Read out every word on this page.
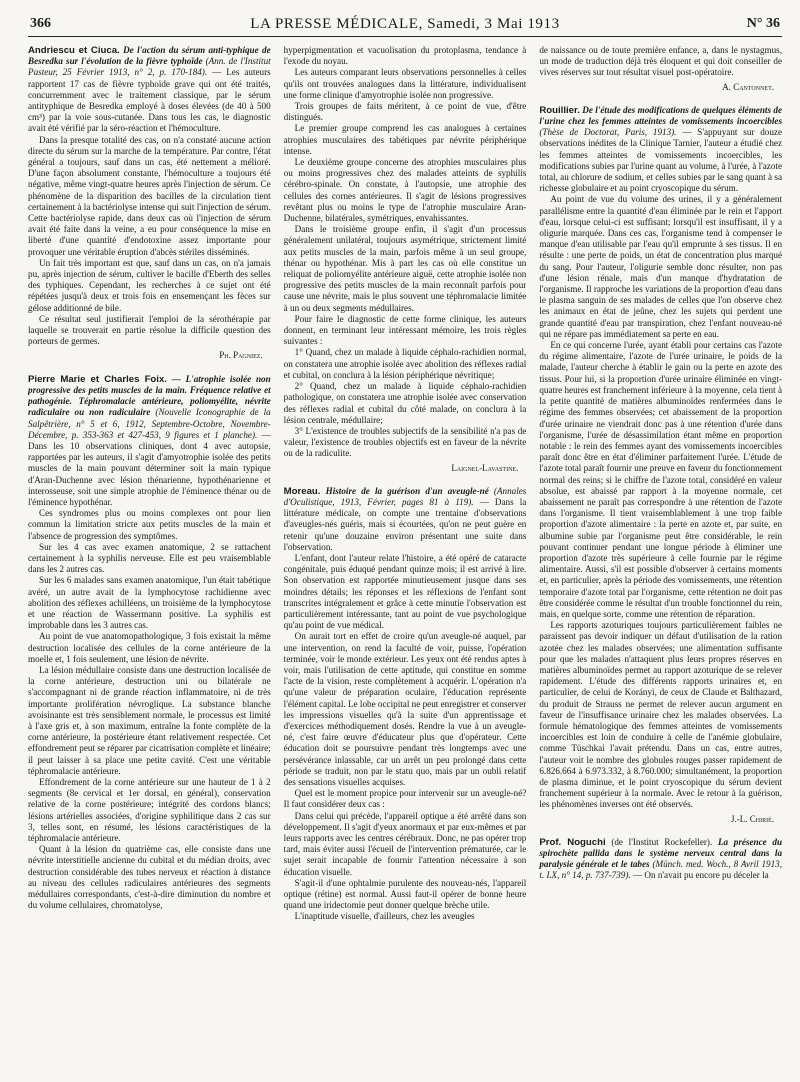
366	LA PRESSE MÉDICALE, Samedi, 3 Mai 1913	N° 36

Andriescu et Ciuca. De l'action du sérum anti-typhique de Besredka sur l'évolution de la fièvre typhoïde (Ann. de l'Institut Pasteur, 25 Février 1913, n° 2, p. 170-184). — Les auteurs rapportent 17 cas de fièvre typhoïde grave qui ont été traités, concurremment avec le traitement classique, par le sérum antityphique de Besredka employé à doses élevées (de 40 à 500 cm³) par la voie sous-cutanée. Dans tous les cas, le diagnostic avait été vérifié par la séro-réaction et l'hémoculture.

Dans la presque totalité des cas, on n'a constaté aucune action directe du sérum sur la marche de la température. Par contre, l'état général a toujours, sauf dans un cas, été nettement a mélioré. D'une façon absolument constante, l'hémoculture a toujours été négative, même vingt-quatre heures après l'injection de sérum. Ce phénomène de la disparition des bacilles de la circulation tient certainement à la bactériolyse intense qui suit l'injection de sérum. Cette bactériolyse rapide, dans deux cas où l'injection de sérum avait été faite dans la veine, a eu pour conséquence la mise en liberté d'une quantité d'endotoxine assez importante pour provoquer une véritable éruption d'abcès stériles disséminés.

Un fait très important est que, sauf dans un cas, on n'a jamais pu, après injection de sérum, cultiver le bacille d'Eberth des selles des typhiques. Cependant, les recherches à ce sujet ont été répétées jusqu'à deux et trois fois en ensemençant les fèces sur gélose additionné de bile.

Ce résultat seul justifierait l'emploi de la sérothérapie par laquelle se trouverait en partie résolue la difficile question des porteurs de germes.

Ph. Pagniez.

Pierre Marie et Charles Foix. — L'atrophie isolée non progressive des petits muscles de la main. Fréquence relative et pathogénie. Téphromalacie antérieure, poliomyélite, névrite radiculaire ou non radiculaire (Nouvelle Iconographie de la Salpêtrière, n° 5 et 6, 1912, Septembre-Octobre, Novembre-Décembre, p. 353-363 et 427-453, 9 figures et 1 planche). — Dans les 10 observations cliniques, dont 4 avec autopsie, rapportées par les auteurs, il s'agit d'amyotrophie isolée des petits muscles de la main pouvant déterminer soit la main typique d'Aran-Duchenne avec lésion thénarienne, hypothénarienne et interosseuse, soit une simple atrophie de l'éminence thénar ou de l'éminence hypothénar.

Ces syndromes plus ou moins complexes ont pour lien commun la limitation stricte aux petits muscles de la main et l'absence de progression des symptômes.

Sur les 4 cas avec examen anatomique, 2 se rattachent certainement à la syphilis nerveuse. Elle est peu vraisemblable dans les 2 autres cas.

Sur les 6 malades sans examen anatomique, l'un était tabétique avéré, un autre avait de la lymphocytose rachidienne avec abolition des réflexes achilléens, un troisième de la lymphocytose et une réaction de Wassermann positive. La syphilis est improbable dans les 3 autres cas.

Au point de vue anatomopathologique, 3 fois existait la même destruction localisée des cellules de la corne antérieure de la moelle et, 1 fois seulement, une lésion de névrite.

La lésion médullaire consiste dans une destruction localisée de la corne antérieure, destruction uni ou bilatérale ne s'accompagnant ni de grande réaction inflammatoire, ni de très importante prolifération névroglique. La substance blanche avoisinante est très sensiblement normale, le processus est limité à l'axe gris et, à son maximum, entraîne la fonte complète de la corne antérieure, la postérieure étant relativement respectée. Cet effondrement peut se réparer par cicatrisation complète et linéaire; il peut laisser à sa place une petite cavité. C'est une véritable téphromalacie antérieure.

Effondrement de la corne antérieure sur une hauteur de 1 à 2 segments (8e cervical et 1er dorsal, en général), conservation relative de la corne postérieure; intégrité des cordons blancs; lésions artérielles associées, d'origine syphilitique dans 2 cas sur 3, telles sont, en résumé, les lésions caractéristiques de la téphromalacie antérieure.

Quant à la lésion du quatrième cas, elle consiste dans une névrite interstitielle ancienne du cubital et du médian droits, avec destruction considérable des tubes nerveux et réaction à distance au niveau des cellules radiculaires antérieures des segments médullaires correspondants, c'est-à-dire diminution du nombre et du volume cellulaires, chromatolyse,

hyperpigmentation et vacuolisation du protoplasma, tendance à l'exode du noyau.

Les auteurs comparant leurs observations personnelles à celles qu'ils ont trouvées analogues dans la littérature, individualisent une forme clinique d'amyotrophie isolée non progressive.

Trois groupes de faits méritent, à ce point de vue, d'être distingués.

Le premier groupe comprend les cas analogues à certaines atrophies musculaires des tabétiques par névrite périphérique intense.

Le deuxième groupe concerne des atrophies musculaires plus ou moins progressives chez des malades atteints de syphilis cérébro-spinale. On constate, à l'autopsie, une atrophie des cellules des cornes antérieures. Il s'agit de lésions progressives revêtant plus ou moins le type de l'atrophie musculaire Aran-Duchenne, bilatérales, symétriques, envahissantes.

Dans le troisième groupe enfin, il s'agit d'un processus généralement unilatéral, toujours asymétrique, strictement limité aux petits muscles de la main, parfois même à un seul groupe, thénar ou hypothénar. Mis à part les cas où elle constitue un reliquat de poliomyélite antérieure aiguë, cette atrophie isolée non progressive des petits muscles de la main reconnaît parfois pour cause une névrite, mais le plus souvent une téphromalacie limitée à un ou deux segments médullaires.

Pour faire le diagnostic de cette forme clinique, les auteurs donnent, en terminant leur intéressant mémoire, les trois règles suivantes :

1° Quand, chez un malade à liquide céphalo-rachidien normal, on constatera une atrophie isolée avec abolition des réflexes radial et cubital, on conclura à la lésion périphérique névritique;

2° Quand, chez un malade à liquide céphalo-rachidien pathologique, on constatera une atrophie isolée avec conservation des réflexes radial et cubital du côté malade, on conclura à la lésion centrale, médullaire;

3° L'existence de troubles subjectifs de la sensibilité n'a pas de valeur, l'existence de troubles objectifs est en faveur de la névrite ou de la radiculite.

Laignel-Lavastine.

Moreau. Histoire de la guérison d'un aveugle-né (Annales d'Oculistique, 1913, Février, pages 81 à 119). — Dans la littérature médicale, on compte une trentaine d'observations d'aveugles-nés guéris, mais si écourtées, qu'on ne peut guère en retenir qu'une douzaine environ présentant une suite dans l'observation.

L'enfant, dont l'auteur relate l'histoire, a été opéré de cataracte congénitale, puis éduqué pendant quinze mois; il est arrivé à lire. Son observation est rapportée minutieusement jusque dans ses moindres détails; les réponses et les réflexions de l'enfant sont transcrites intégralement et grâce à cette minutie l'observation est particulièrement intéressante, tant au point de vue psychologique qu'au point de vue médical.

On aurait tort en effet de croire qu'un aveugle-né auquel, par une intervention, on rend la faculté de voir, puisse, l'opération terminée, voir le monde extérieur. Les yeux ont été rendus aptes à voir, mais l'utilisation de cette aptitude, qui constitue en somme l'acte de la vision, reste complètement à acquérir. L'opération n'a qu'une valeur de préparation oculaire, l'éducation représente l'élément capital. Le lobe occipital ne peut enregistrer et conserver les impressions visuelles qu'à la suite d'un apprentissage et d'exercices méthodiquement dosés. Rendre la vue à un aveugle-né, c'est faire œuvre d'éducateur plus que d'opérateur. Cette éducation doit se poursuivre pendant très longtemps avec une persévérance inlassable, car un arrêt un peu prolongé dans cette période se traduit, non par le statu quo, mais par un oubli relatif des sensations visuelles acquises.

Quel est le moment propice pour intervenir sur un aveugle-né? Il faut considérer deux cas :

Dans celui qui précède, l'appareil optique a été arrêté dans son développement. Il s'agit d'yeux anormaux et par eux-mêmes et par leurs rapports avec les centres cérébraux. Donc, ne pas opérer trop tard, mais éviter aussi l'écueil de l'intervention prématurée, car le sujet serait incapable de fournir l'attention nécessaire à son éducation visuelle.

S'agit-il d'une ophtalmie purulente des nouveau-nés, l'appareil optique (rétine) est normal. Aussi faut-il opérer de bonne heure quand une iridectomie peut donner quelque brèche utile.

L'inaptitude visuelle, d'ailleurs, chez les aveugles

de naissance ou de toute première enfance, a, dans le nystagmus, un mode de traduction déjà très éloquent et qui doit conseiller de vives réserves sur tout résultat visuel post-opératoire.

A. Cantonnet.

Rouillier. De l'étude des modifications de quelques éléments de l'urine chez les femmes atteintes de vomissements incoercibles (Thèse de Doctorat, Paris, 1913). — S'appuyant sur douze observations inédites de la Clinique Tarnier, l'auteur a étudié chez les femmes atteintes de vomissements incoercibles, les modifications subies par l'urine quant au volume, à l'urée, à l'azote total, au chlorure de sodium, et celles subies par le sang quant à sa richesse globulaire et au point cryoscopique du sérum.

Au point de vue du volume des urines, il y a généralement parallélisme entre la quantité d'eau éliminée par le rein et l'apport d'eau, lorsque celui-ci est suffisant; lorsqu'il est insuffisant, il y a oligurie marquée. Dans ces cas, l'organisme tend à compenser le manque d'eau utilisable par l'eau qu'il emprunte à ses tissus. Il en résulte : une perte de poids, un état de concentration plus marqué du sang. Pour l'auteur, l'oligurie semble donc résulter, non pas d'une lésion rénale, mais d'un manque d'hydratation de l'organisme. Il rapproche les variations de la proportion d'eau dans le plasma sanguin de ses malades de celles que l'on observe chez les animaux en état de jeûne, chez les sujets qui perdent une grande quantité d'eau par transpiration, chez l'enfant nouveau-né qui ne répare pas immédiatement sa perte en eau.

En ce qui concerne l'urée, ayant établi pour certains cas l'azote du régime alimentaire, l'azote de l'urée urinaire, le poids de la malade, l'auteur cherche à établir le gain ou la perte en azote des tissus. Pour lui, si la proportion d'urée urinaire éliminée en vingt-quatre heures est franchement inférieure à la moyenne, cela tient à la petite quantité de matières albuminoïdes renfermées dans le régime des femmes observées; cet abaissement de la proportion d'urée urinaire ne viendrait donc pas à une rétention d'urée dans l'organisme, l'urée de désassimilation étant même en proportion notable : le rein des femmes ayant des vomissements incoercibles paraît donc être en état d'éliminer parfaitement l'urée. L'étude de l'azote total paraît fournir une preuve en faveur du fonctionnement normal des reins; si le chiffre de l'azote total, considéré en valeur absolue, est abaissé par rapport à la moyenne normale, cet abaissement ne paraît pas correspondre à une rétention de l'azote dans l'organisme. Il tient vraisemblablement à une trop faible proportion d'azote alimentaire : la perte en azote et, par suite, en albumine subie par l'organisme peut être considérable, le rein pouvant continuer pendant une longue période à éliminer une proportion d'azote très supérieure à celle fournie par le régime alimentaire. Aussi, s'il est possible d'observer à certains moments et, en particulier, après la période des vomissements, une rétention temporaire d'azote total par l'organisme, cette rétention ne doit pas être considérée comme le résultat d'un trouble fonctionnel du rein, mais, en quelque sorte, comme une rétention de réparation.

Les rapports azoturiques toujours particulièrement faibles ne paraissent pas devoir indiquer un défaut d'utilisation de la ration azotée chez les malades observées; une alimentation suffisante pour que les malades n'attaquent plus leurs propres réserves en matières albuminoïdes permet au rapport azoturique de se relever rapidement. L'étude des différents rapports urinaires et, en particulier, de celui de Korányi, de ceux de Claude et Balthazard, du produit de Strauss ne permet de relever aucun argument en faveur de l'insuffisance urinaire chez les malades observées. La formule hématologique des femmes atteintes de vomissements incoercibles est loin de conduire à celle de l'anémie globulaire, comme Tüschkai l'avait prétendu. Dans un cas, entre autres, l'auteur voit le nombre des globules rouges passer rapidement de 6.826.664 à 6.973.332, à 8.760.000; simultanément, la proportion de plasma diminue, et le point cryoscopique du sérum devient franchement supérieur à la normale. Avec le retour à la guérison, les phénomènes inverses ont été observés.

J.-L. Chirié.

Prof. Noguchi (de l'Institut Rockefeller). La présence du spirochète pallida dans le système nerveux central dans la paralysie générale et le tabes (Münch. med. Woch., 8 Avril 1913, t. LX, n° 14, p. 737-739). — On n'avait pu encore pu déceler la
